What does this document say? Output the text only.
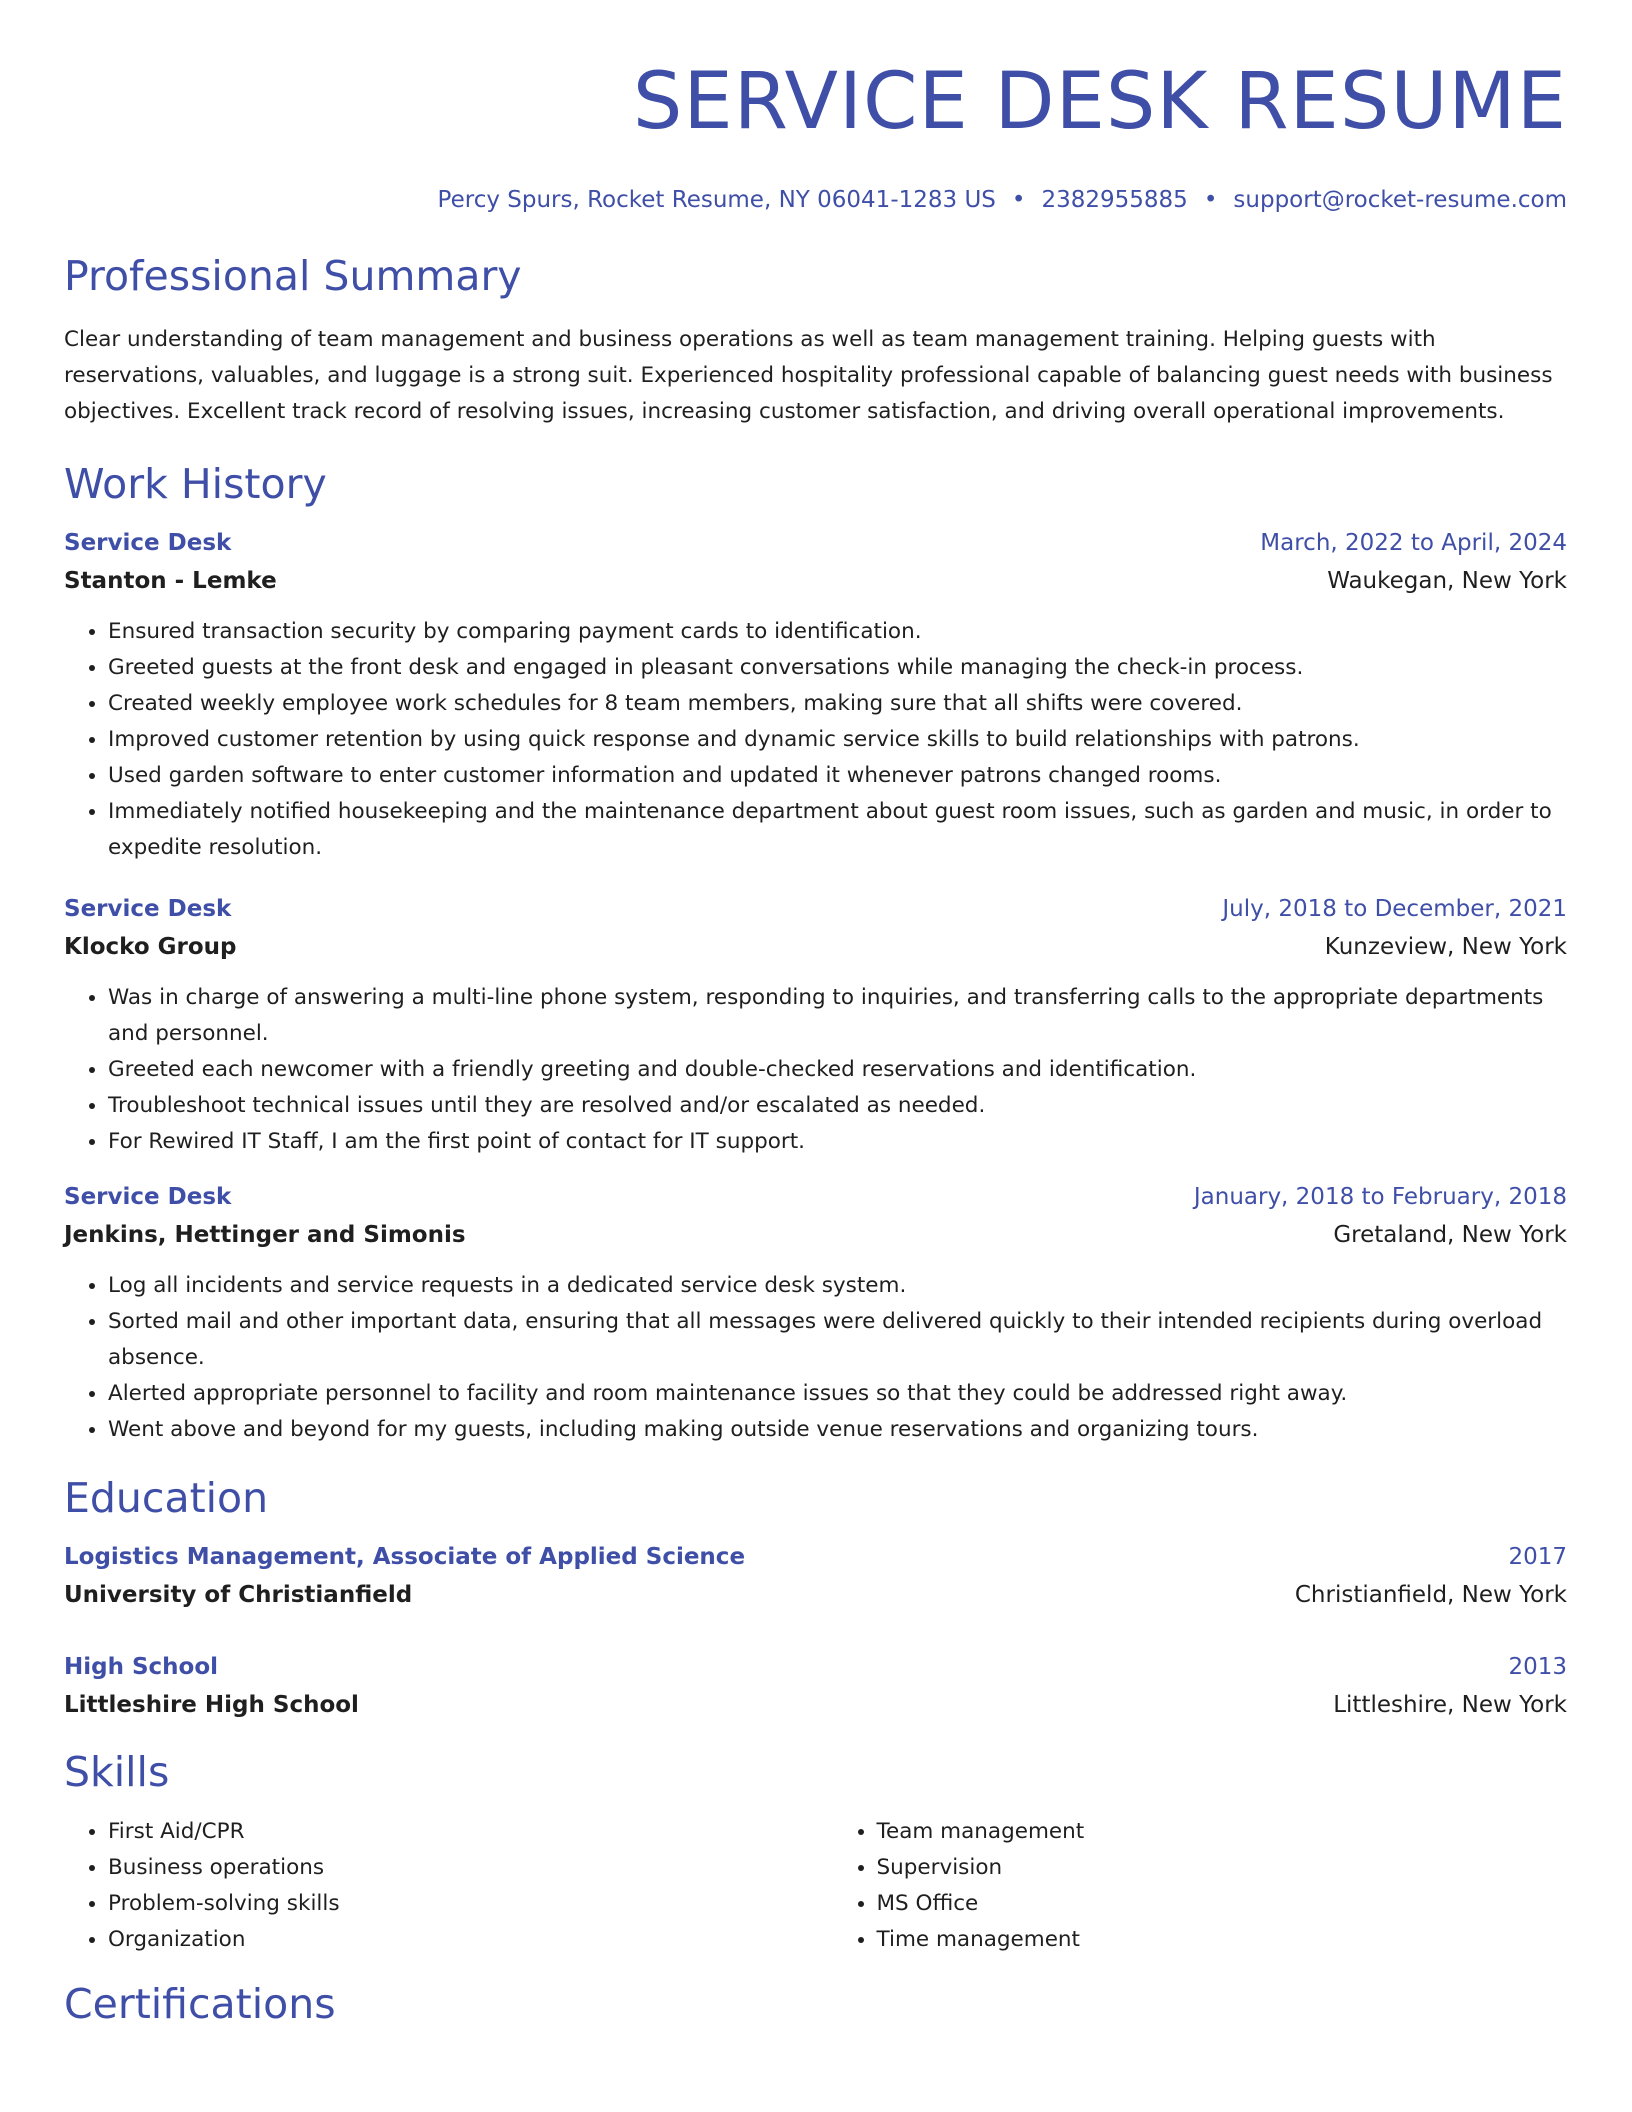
SERVICE DESK RESUME
Percy Spurs, Rocket Resume, NY 06041-1283 US • 2382955885 • support@rocket-resume.com
Professional Summary

Clear understanding of team management and business operations as well as team management training. Helping guests with reservations, valuables, and luggage is a strong suit. Experienced hospitality professional capable of balancing guest needs with business objectives. Excellent track record of resolving issues, increasing customer satisfaction, and driving overall operational improvements.

Work History
Service Desk	March, 2022 to April, 2024
Stanton - Lemke	Waukegan, New York
• Ensured transaction security by comparing payment cards to identification.
• Greeted guests at the front desk and engaged in pleasant conversations while managing the check-in process.
• Created weekly employee work schedules for 8 team members, making sure that all shifts were covered.
• Improved customer retention by using quick response and dynamic service skills to build relationships with patrons.
• Used garden software to enter customer information and updated it whenever patrons changed rooms.
• Immediately notified housekeeping and the maintenance department about guest room issues, such as garden and music, in order to expedite resolution.
Service Desk	July, 2018 to December, 2021
Klocko Group	Kunzeview, New York
• Was in charge of answering a multi-line phone system, responding to inquiries, and transferring calls to the appropriate departments and personnel.
• Greeted each newcomer with a friendly greeting and double-checked reservations and identification.
• Troubleshoot technical issues until they are resolved and/or escalated as needed.
• For Rewired IT Staff, I am the first point of contact for IT support.
Service Desk	January, 2018 to February, 2018
Jenkins, Hettinger and Simonis	Gretaland, New York
• Log all incidents and service requests in a dedicated service desk system.
• Sorted mail and other important data, ensuring that all messages were delivered quickly to their intended recipients during overload absence.
• Alerted appropriate personnel to facility and room maintenance issues so that they could be addressed right away.
• Went above and beyond for my guests, including making outside venue reservations and organizing tours.
Education
Logistics Management, Associate of Applied Science	2017
University of Christianfield	Christianfield, New York
High School	2013
Littleshire High School	Littleshire, New York
Skills
• First Aid/CPR
• Business operations
• Problem-solving skills
• Organization
• Team management
• Supervision
• MS Office
• Time management
Certifications
